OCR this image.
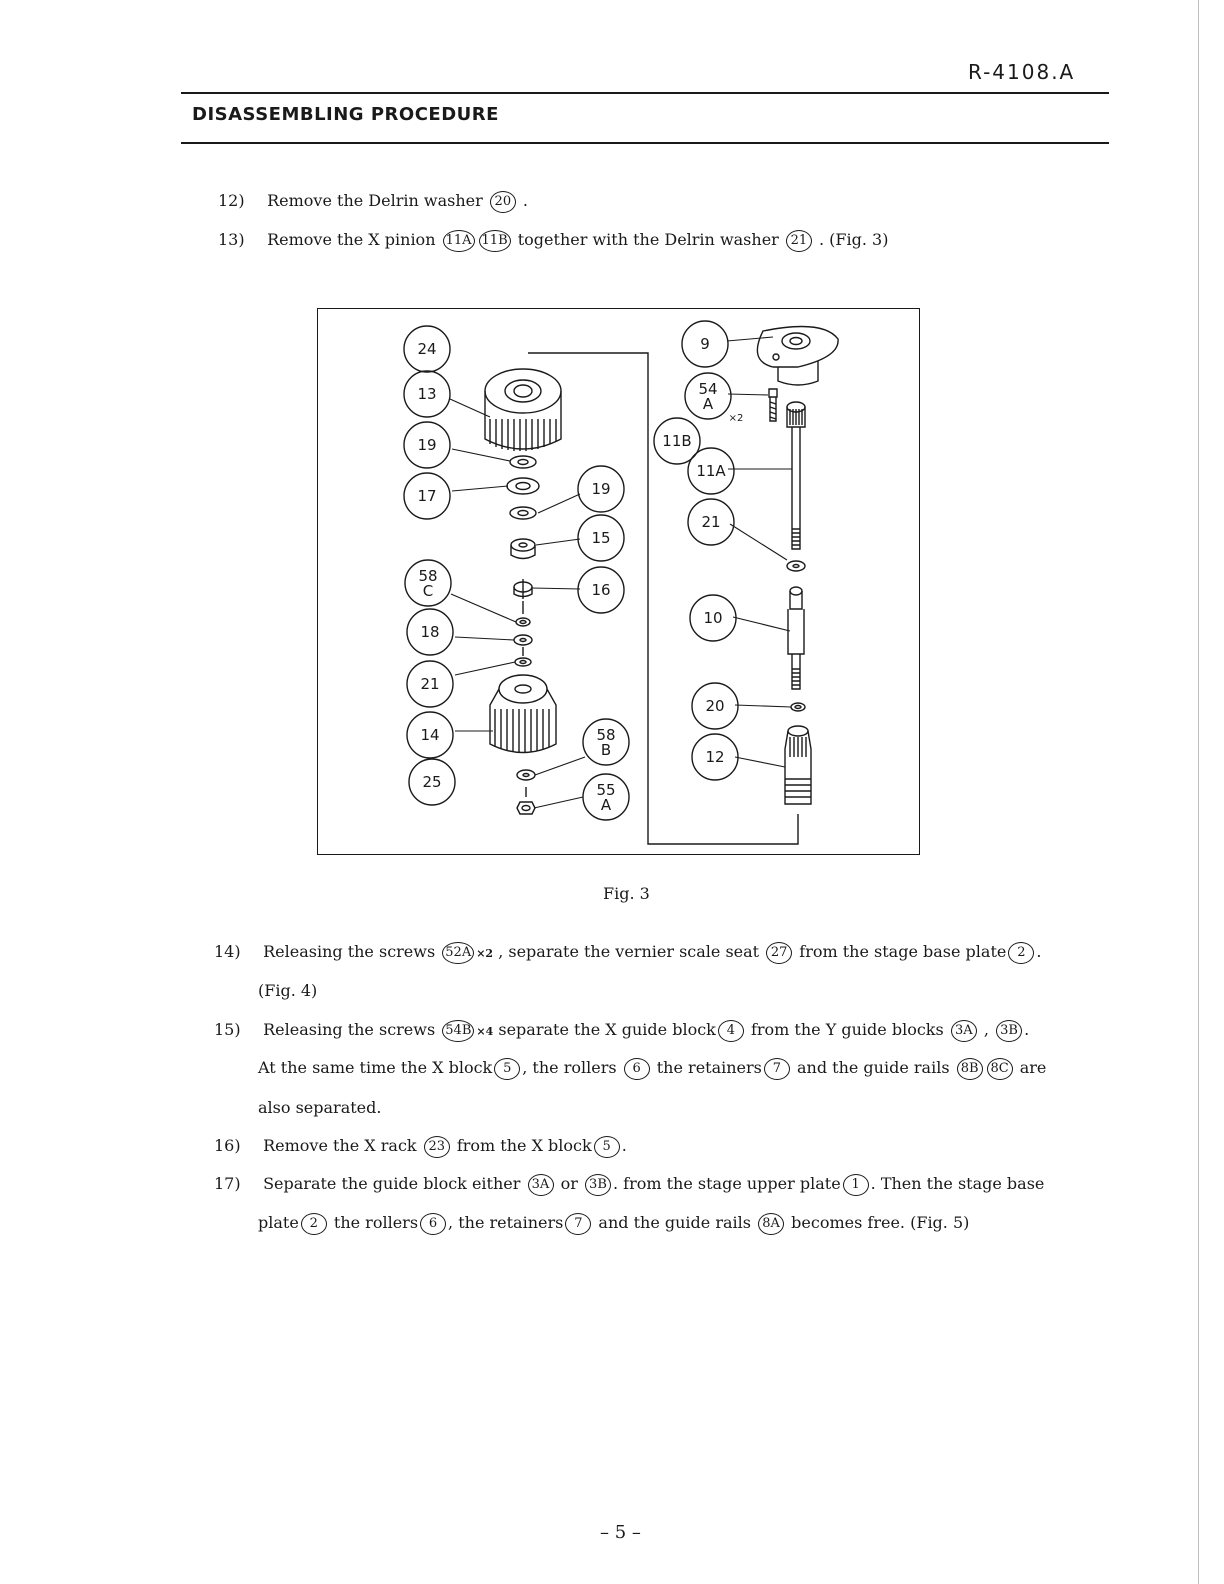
R-4108.A
DISASSEMBLING PROCEDURE
12) Remove the Delrin washer 20 .
13) Remove the X pinion 11A 11B together with the Delrin washer 21 . (Fig. 3)
24
13
19
17	19
15
16
58
C
18
21
14
25
58
B
55
A
9
54
A
×2
11B
11A
21
10
20
12
Fig. 3
14) Releasing the screws 52A ×2 , separate the vernier scale seat 27 from the stage base plate 2 .
(Fig. 4)
15) Releasing the screws 54B ×4 separate the X guide block 4 from the Y guide blocks 3A , 3B .
At the same time the X block 5 , the rollers 6 the retainers 7 and the guide rails 8B 8C are
also separated.
16) Remove the X rack 23 from the X block 5 .
17) Separate the guide block either 3A or 3B . from the stage upper plate 1 . Then the stage base
plate 2 the rollers 6 , the retainers 7 and the guide rails 8A becomes free. (Fig. 5)
– 5 –
